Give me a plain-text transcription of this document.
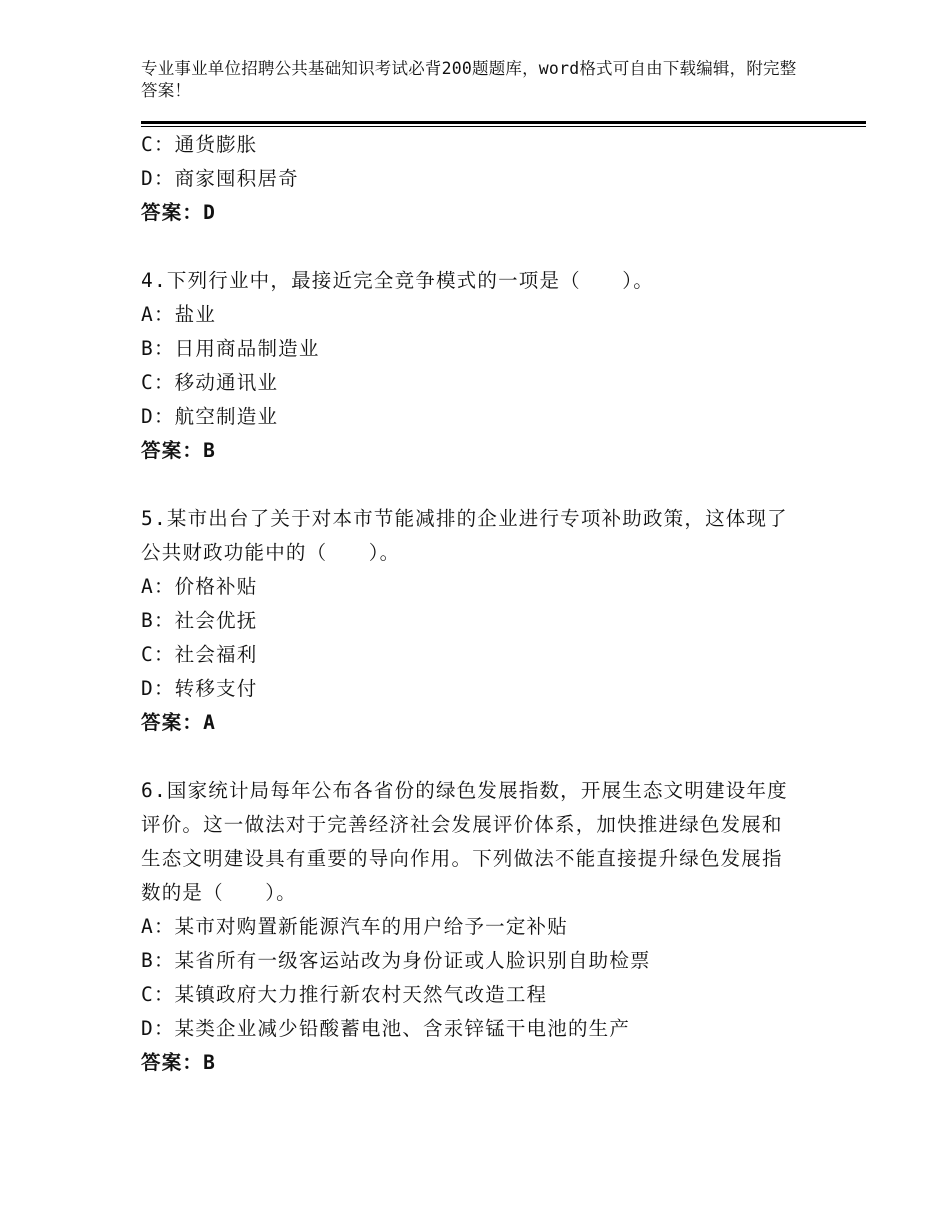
专业事业单位招聘公共基础知识考试必背200题题库，word格式可自由下载编辑，附完整答案！
C：通货膨胀
D：商家囤积居奇
答案：D
4.下列行业中，最接近完全竞争模式的一项是（　　）。
A：盐业
B：日用商品制造业
C：移动通讯业
D：航空制造业
答案：B
5.某市出台了关于对本市节能减排的企业进行专项补助政策，这体现了公共财政功能中的（　　）。
A：价格补贴
B：社会优抚
C：社会福利
D：转移支付
答案：A
6.国家统计局每年公布各省份的绿色发展指数，开展生态文明建设年度评价。这一做法对于完善经济社会发展评价体系，加快推进绿色发展和生态文明建设具有重要的导向作用。下列做法不能直接提升绿色发展指数的是（　　）。
A：某市对购置新能源汽车的用户给予一定补贴
B：某省所有一级客运站改为身份证或人脸识别自助检票
C：某镇政府大力推行新农村天然气改造工程
D：某类企业减少铅酸蓄电池、含汞锌锰干电池的生产
答案：B
